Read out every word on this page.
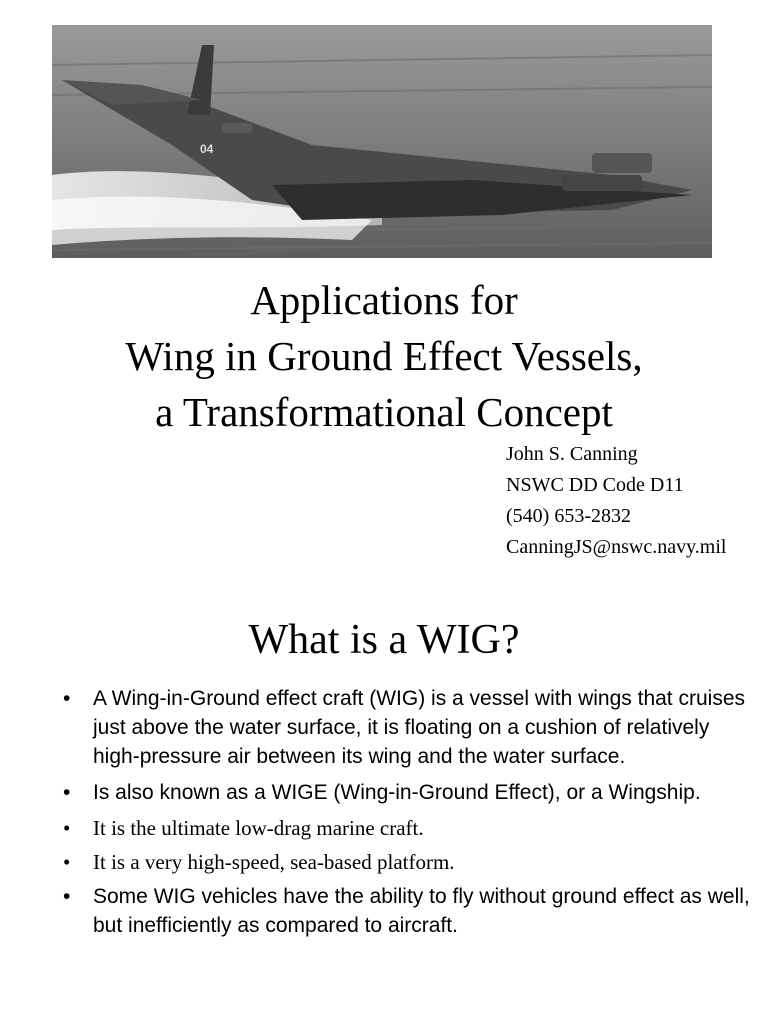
04
Applications for
Wing in Ground Effect Vessels,
a Transformational Concept
John S. Canning
NSWC DD Code D11
(540) 653-2832
CanningJS@nswc.navy.mil
What is a WIG?
• A Wing-in-Ground effect craft (WIG) is a vessel with wings that cruises just above the water surface, it is floating on a cushion of relatively high-pressure air between its wing and the water surface.
• Is also known as a WIGE (Wing-in-Ground Effect), or a Wingship.
• It is the ultimate low-drag marine craft.
• It is a very high-speed, sea-based platform.
• Some WIG vehicles have the ability to fly without ground effect as well, but inefficiently as compared to aircraft.
